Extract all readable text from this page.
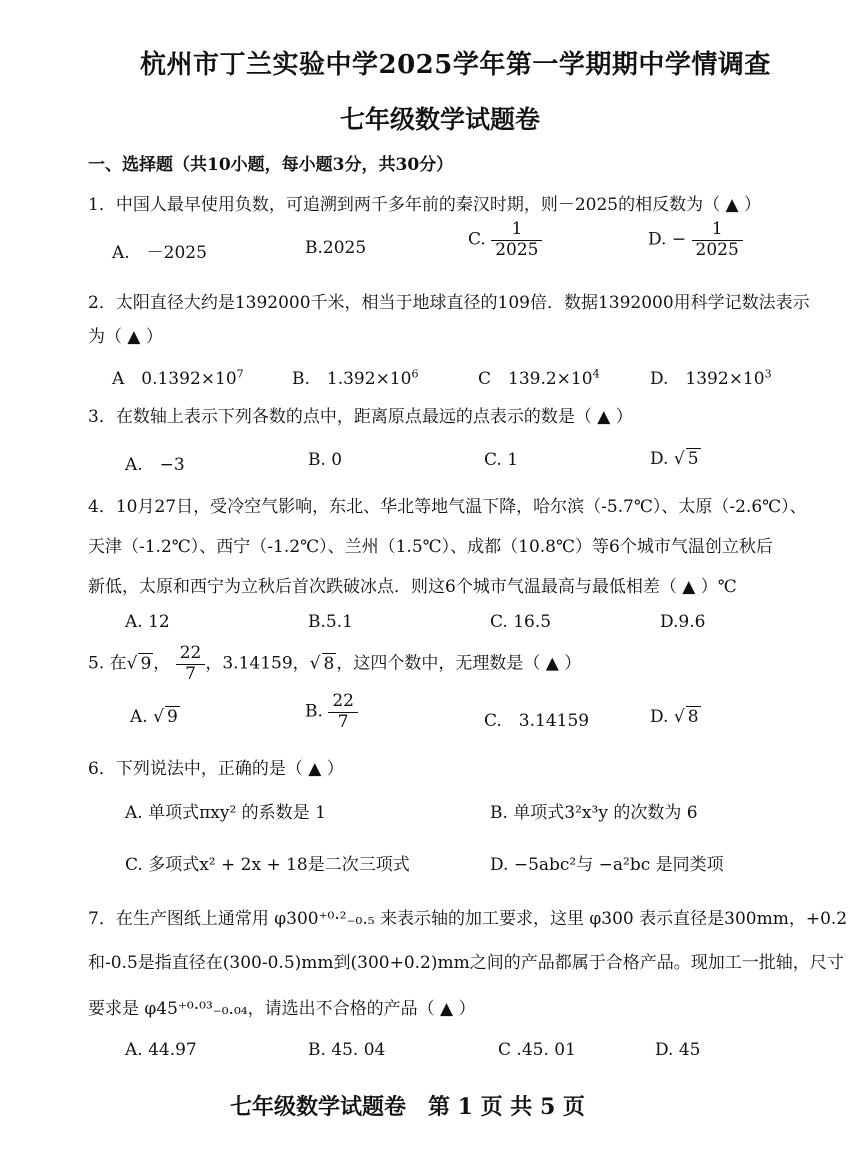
杭州市丁兰实验中学2025学年第一学期期中学情调查
七年级数学试题卷
一、选择题（共10小题，每小题3分，共30分）
1．中国人最早使用负数，可追溯到两千多年前的秦汉时期，则－2025的相反数为（ ▲ ）
A.　－2025	B.2025	C. $\frac{1}{2025}$	D. − $\frac{1}{2025}$
2．太阳直径大约是1392000千米，相当于地球直径的109倍．数据1392000用科学记数法表示
为（ ▲ ）
A　$0.1392\times 10^7$	B.　$1.392\times 10^6$	C　$139.2\times 10^4$	D.　$1392\times 10^3$
3．在数轴上表示下列各数的点中，距离原点最远的点表示的数是（ ▲ ）
A.　−3	B. 0	C. 1	D. √ 5
4．10月27日，受冷空气影响，东北、华北等地气温下降，哈尔滨（-5.7℃）、太原（-2.6℃）、
天津（-1.2℃）、西宁（-1.2℃）、兰州（1.5℃）、成都（10.8℃）等6个城市气温创立秋后
新低，太原和西宁为立秋后首次跌破冰点．则这6个城市气温最高与最低相差（ ▲ ）℃
A. 12	B.5.1	C. 16.5	D.9.6
5. 在√ 9 ， $\frac{22}{7}$ ，3.14159，√ 8 ，这四个数中，无理数是（ ▲ ）
A. √ 9	B. $\frac{22}{7}$	C.　3.14159	D. √ 8
6．下列说法中，正确的是（ ▲ ）
A. 单项式πxy² 的系数是 1	B. 单项式3²x³y 的次数为 6
C. 多项式x² + 2x + 18是二次三项式	D. −5abc²与 −a²bc 是同类项
7．在生产图纸上通常用 φ300⁺⁰·²₋₀.₅ 来表示轴的加工要求，这里 φ300 表示直径是300mm，+0.2
和-0.5是指直径在(300-0.5)mm到(300+0.2)mm之间的产品都属于合格产品。现加工一批轴，尺寸
要求是 φ45⁺⁰·⁰³₋₀.₀₄，请选出不合格的产品（ ▲ ）
A. 44.97	B. 45. 04	C .45. 01	D. 45
七年级数学试题卷　第 1 页 共 5 页
